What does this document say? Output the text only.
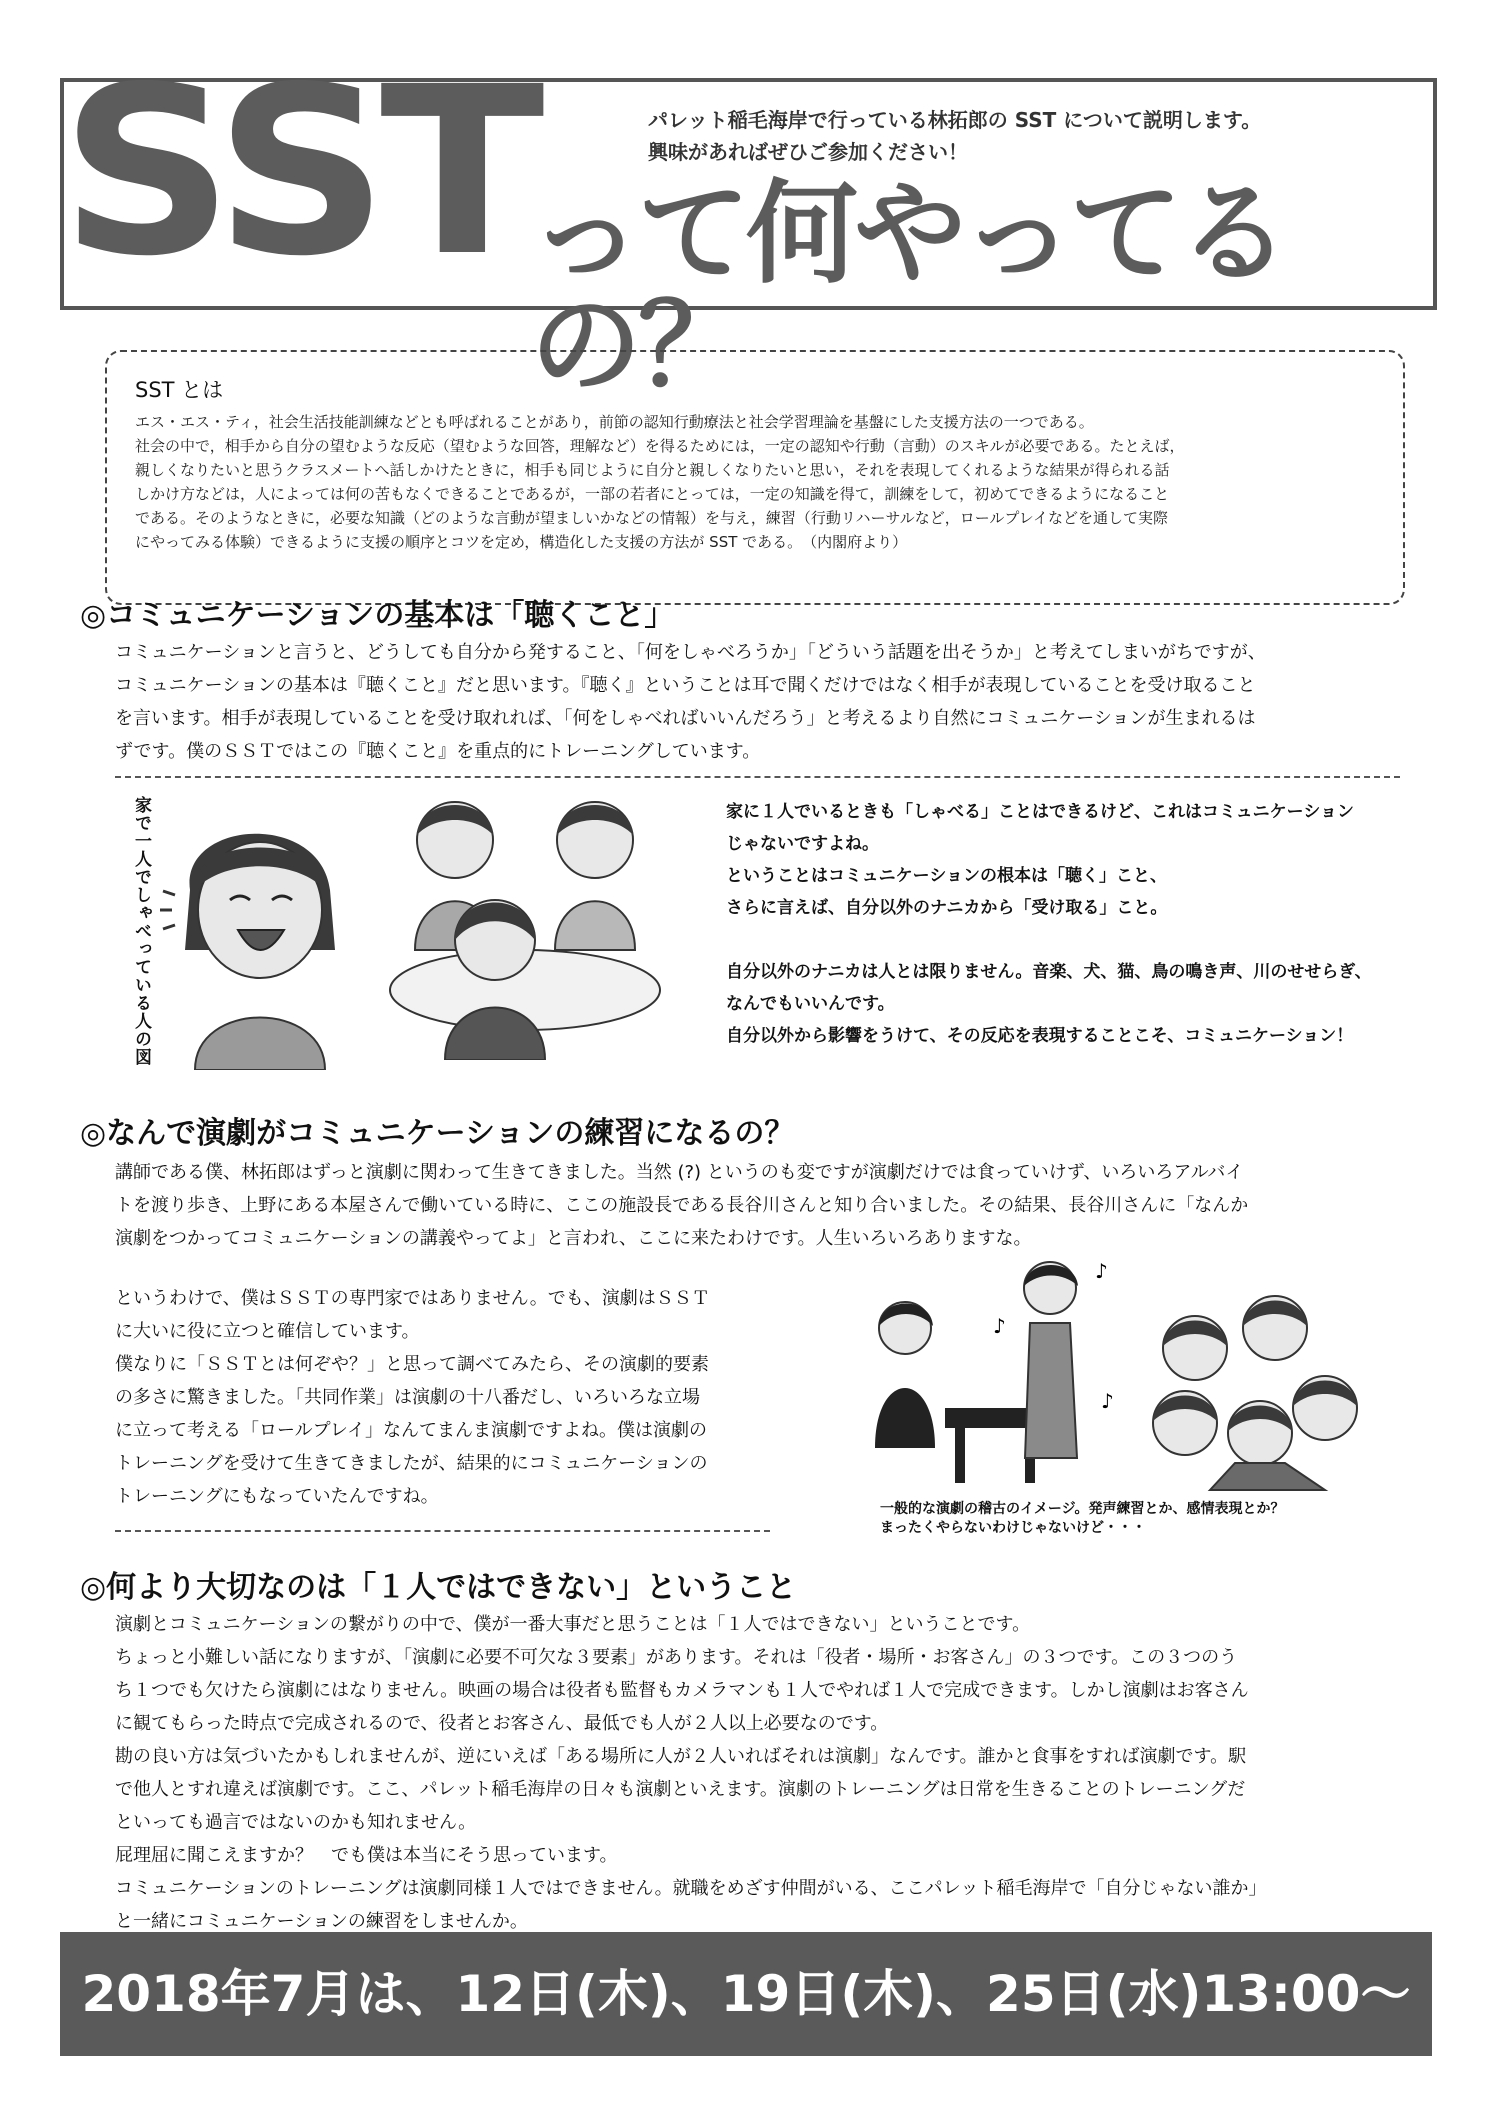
SST
って何やってるの？
パレット稲毛海岸で行っている林拓郎の SST について説明します。
興味があればぜひご参加ください！
SST とは
エス・エス・ティ，社会生活技能訓練などとも呼ばれることがあり，前節の認知行動療法と社会学習理論を基盤にした支援方法の一つである。
社会の中で，相手から自分の望むような反応（望むような回答，理解など）を得るためには，一定の認知や行動（言動）のスキルが必要である。たとえば，
親しくなりたいと思うクラスメートへ話しかけたときに，相手も同じように自分と親しくなりたいと思い，それを表現してくれるような結果が得られる話
しかけ方などは，人によっては何の苦もなくできることであるが，一部の若者にとっては，一定の知識を得て，訓練をして，初めてできるようになること
である。そのようなときに，必要な知識（どのような言動が望ましいかなどの情報）を与え，練習（行動リハーサルなど，ロールプレイなどを通して実際
にやってみる体験）できるように支援の順序とコツを定め，構造化した支援の方法が SST である。　（内閣府より）
◎コミュニケーションの基本は「聴くこと」
コミュニケーションと言うと、どうしても自分から発すること、「何をしゃべろうか」「どういう話題を出そうか」と考えてしまいがちですが、
コミュニケーションの基本は『聴くこと』だと思います。『聴く』ということは耳で聞くだけではなく相手が表現していることを受け取ること
を言います。相手が表現していることを受け取れれば、「何をしゃべればいいんだろう」と考えるより自然にコミュニケーションが生まれるは
ずです。僕のＳＳＴではこの『聴くこと』を重点的にトレーニングしています。
家で一人でしゃべっている人の図	家に１人でいるときも「しゃべる」ことはできるけど、これはコミュニケーション
じゃないですよね。
ということはコミュニケーションの根本は「聴く」こと、
さらに言えば、自分以外のナニカから「受け取る」こと。
自分以外のナニカは人とは限りません。音楽、犬、猫、鳥の鳴き声、川のせせらぎ、
なんでもいいんです。
自分以外から影響をうけて、その反応を表現することこそ、コミュニケーション！
◎なんで演劇がコミュニケーションの練習になるの？
講師である僕、林拓郎はずっと演劇に関わって生きてきました。当然 (?) というのも変ですが演劇だけでは食っていけず、いろいろアルバイ
トを渡り歩き、上野にある本屋さんで働いている時に、ここの施設長である長谷川さんと知り合いました。その結果、長谷川さんに「なんか
演劇をつかってコミュニケーションの講義やってよ」と言われ、ここに来たわけです。人生いろいろありますな。
というわけで、僕はＳＳＴの専門家ではありません。でも、演劇はＳＳＴ
に大いに役に立つと確信しています。
僕なりに「ＳＳＴとは何ぞや？」と思って調べてみたら、その演劇的要素
の多さに驚きました。「共同作業」は演劇の十八番だし、いろいろな立場
に立って考える「ロールプレイ」なんてまんま演劇ですよね。僕は演劇の
トレーニングを受けて生きてきましたが、結果的にコミュニケーションの
トレーニングにもなっていたんですね。
♪
♪
♪
一般的な演劇の稽古のイメージ。発声練習とか、感情表現とか？
まったくやらないわけじゃないけど・・・
◎何より大切なのは「１人ではできない」ということ
演劇とコミュニケーションの繋がりの中で、僕が一番大事だと思うことは「１人ではできない」ということです。
ちょっと小難しい話になりますが、「演劇に必要不可欠な３要素」があります。それは「役者・場所・お客さん」の３つです。この３つのう
ち１つでも欠けたら演劇にはなりません。映画の場合は役者も監督もカメラマンも１人でやれば１人で完成できます。しかし演劇はお客さん
に観てもらった時点で完成されるので、役者とお客さん、最低でも人が２人以上必要なのです。
勘の良い方は気づいたかもしれませんが、逆にいえば「ある場所に人が２人いればそれは演劇」なんです。誰かと食事をすれば演劇です。駅
で他人とすれ違えば演劇です。ここ、パレット稲毛海岸の日々も演劇といえます。演劇のトレーニングは日常を生きることのトレーニングだ
といっても過言ではないのかも知れません。
屁理屈に聞こえますか？　でも僕は本当にそう思っています。
コミュニケーションのトレーニングは演劇同様１人ではできません。就職をめざす仲間がいる、ここパレット稲毛海岸で「自分じゃない誰か」
と一緒にコミュニケーションの練習をしませんか。
2018年7月は、12日(木)、19日(木)、25日(水)13:00～
